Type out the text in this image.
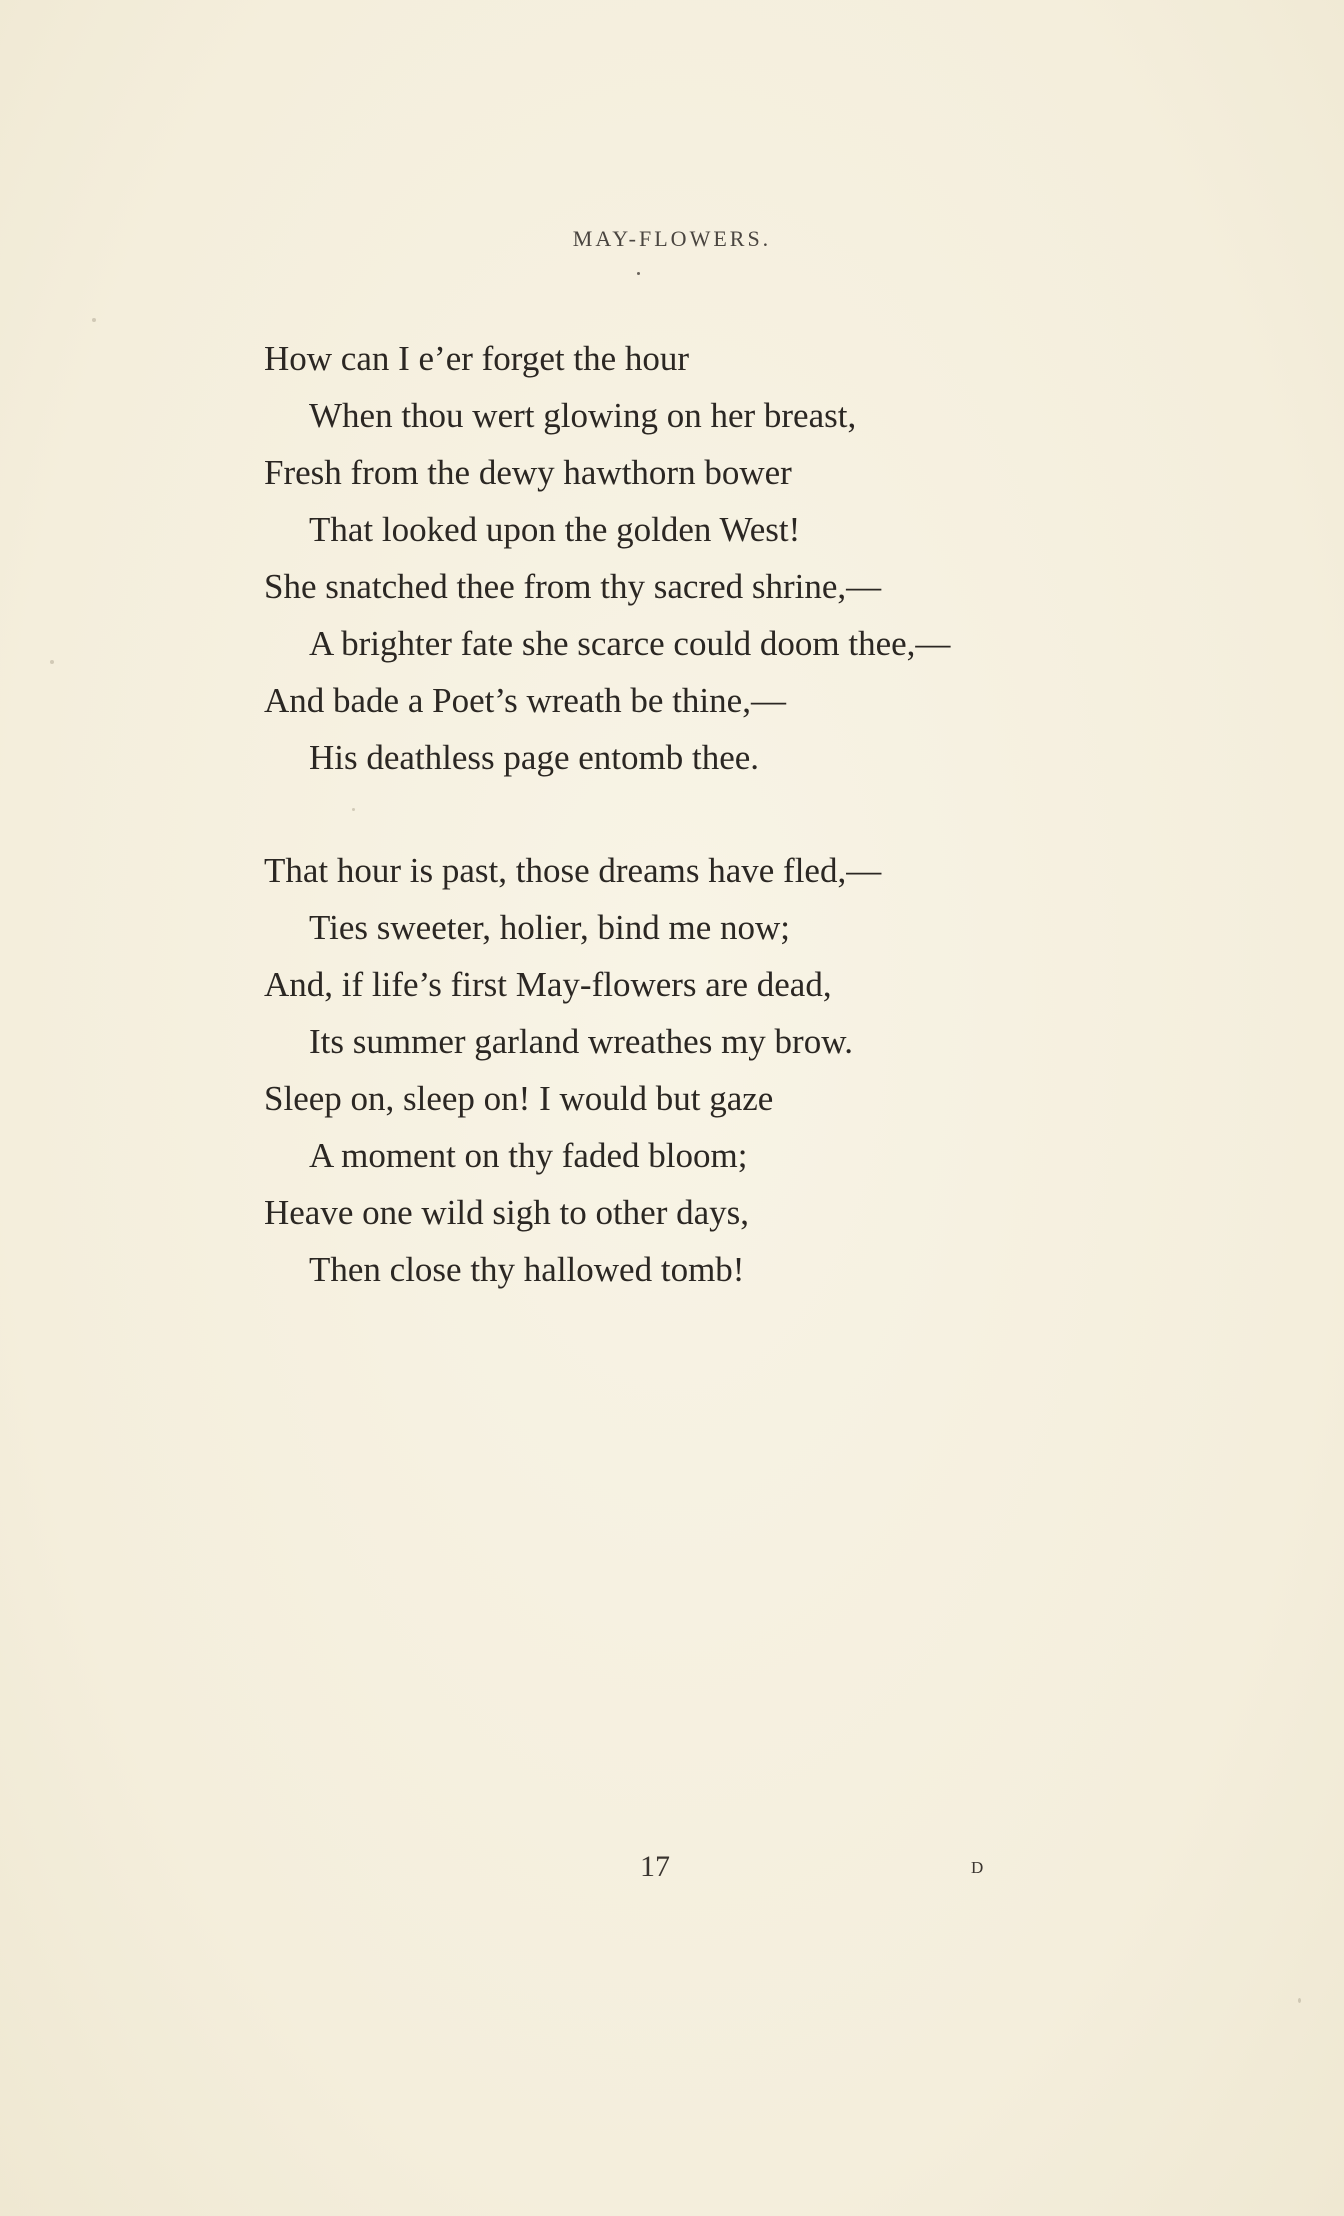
MAY-FLOWERS.
How can I e’er forget the hour
When thou wert glowing on her breast,
Fresh from the dewy hawthorn bower
That looked upon the golden West!
She snatched thee from thy sacred shrine,—
A brighter fate she scarce could doom thee,—
And bade a Poet’s wreath be thine,—
His deathless page entomb thee.
That hour is past, those dreams have fled,—
Ties sweeter, holier, bind me now;
And, if life’s first May-flowers are dead,
Its summer garland wreathes my brow.
Sleep on, sleep on! I would but gaze
A moment on thy faded bloom;
Heave one wild sigh to other days,
Then close thy hallowed tomb!
17	D
